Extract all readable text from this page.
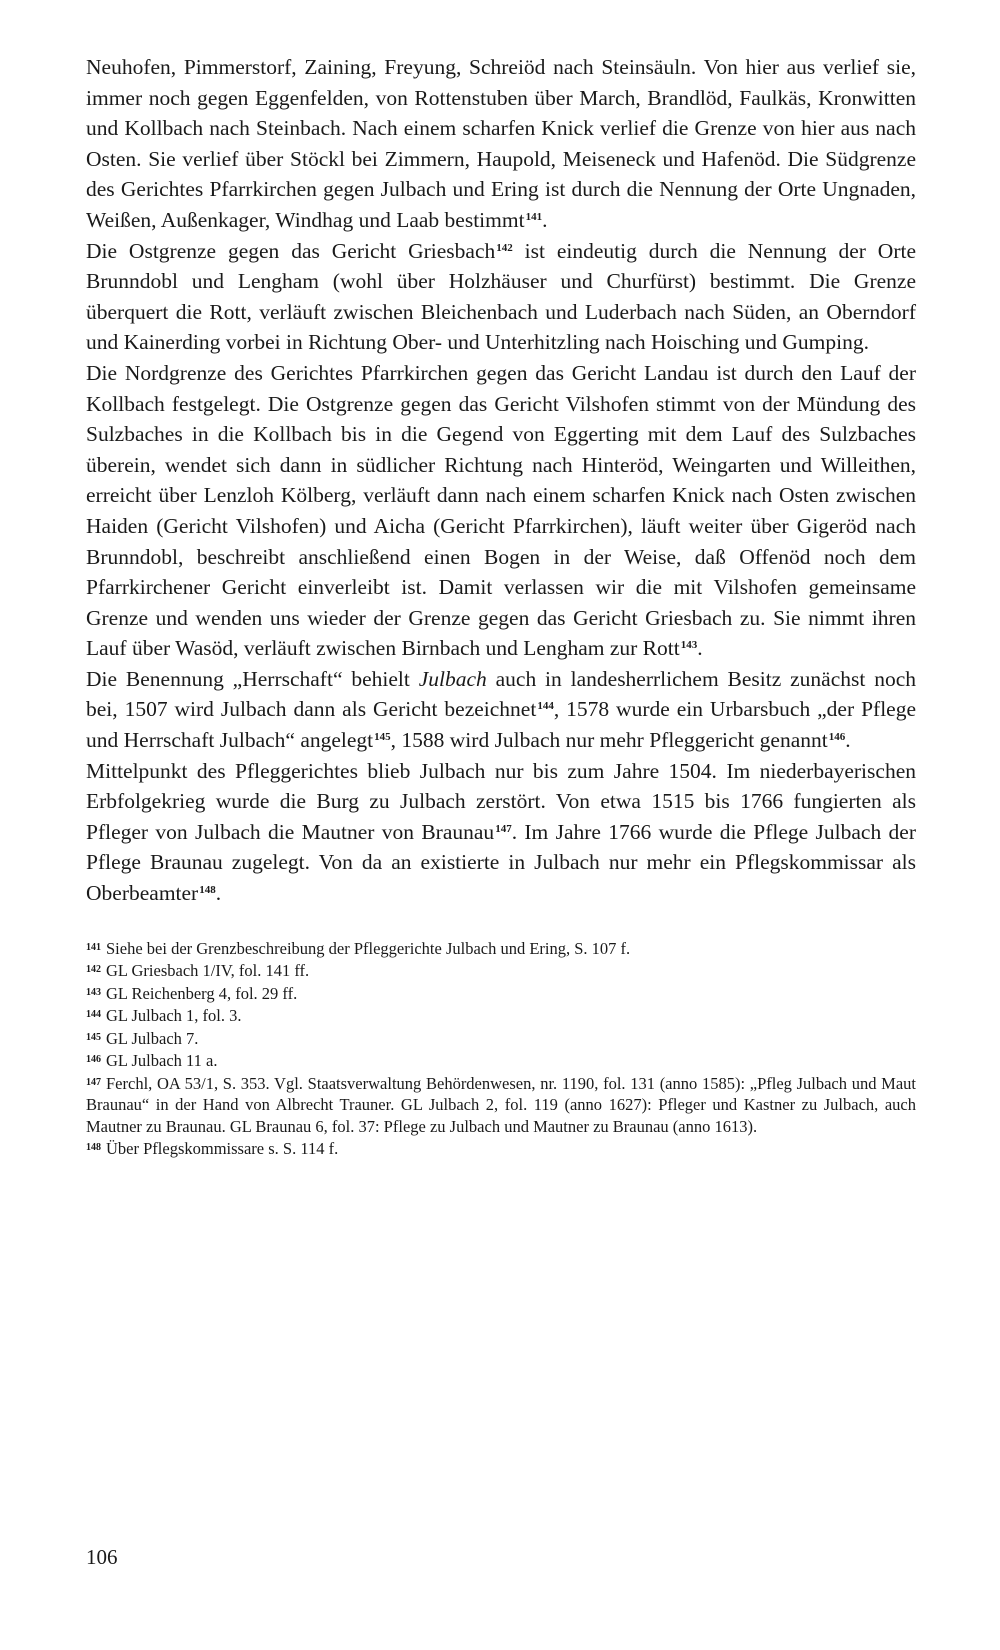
Neuhofen, Pimmerstorf, Zaining, Freyung, Schreiöd nach Steinsäuln. Von hier aus verlief sie, immer noch gegen Eggenfelden, von Rottenstuben über March, Brandlöd, Faulkäs, Kronwitten und Kollbach nach Steinbach. Nach einem scharfen Knick verlief die Grenze von hier aus nach Osten. Sie verlief über Stöckl bei Zimmern, Haupold, Meiseneck und Hafenöd. Die Südgrenze des Gerichtes Pfarrkirchen gegen Julbach und Ering ist durch die Nennung der Orte Ungnaden, Weißen, Außenkager, Windhag und Laab bestimmt$^{141}$.

Die Ostgrenze gegen das Gericht Griesbach$^{142}$ ist eindeutig durch die Nennung der Orte Brunndobl und Lengham (wohl über Holzhäuser und Churfürst) bestimmt. Die Grenze überquert die Rott, verläuft zwischen Bleichenbach und Luderbach nach Süden, an Oberndorf und Kainerding vorbei in Richtung Ober- und Unterhitzling nach Hoisching und Gumping.

Die Nordgrenze des Gerichtes Pfarrkirchen gegen das Gericht Landau ist durch den Lauf der Kollbach festgelegt. Die Ostgrenze gegen das Gericht Vilshofen stimmt von der Mündung des Sulzbaches in die Kollbach bis in die Gegend von Eggerting mit dem Lauf des Sulzbaches überein, wendet sich dann in südlicher Richtung nach Hinteröd, Weingarten und Willeithen, erreicht über Lenzloh Kölberg, verläuft dann nach einem scharfen Knick nach Osten zwischen Haiden (Gericht Vilshofen) und Aicha (Gericht Pfarrkirchen), läuft weiter über Gigeröd nach Brunndobl, beschreibt anschließend einen Bogen in der Weise, daß Offenöd noch dem Pfarrkirchener Gericht einverleibt ist. Damit verlassen wir die mit Vilshofen gemeinsame Grenze und wenden uns wieder der Grenze gegen das Gericht Griesbach zu. Sie nimmt ihren Lauf über Wasöd, verläuft zwischen Birnbach und Lengham zur Rott$^{143}$.

Die Benennung „Herrschaft“ behielt Julbach auch in landesherrlichem Besitz zunächst noch bei, 1507 wird Julbach dann als Gericht bezeichnet$^{144}$, 1578 wurde ein Urbarsbuch „der Pflege und Herrschaft Julbach“ angelegt$^{145}$, 1588 wird Julbach nur mehr Pfleggericht genannt$^{146}$.

Mittelpunkt des Pfleggerichtes blieb Julbach nur bis zum Jahre 1504. Im niederbayerischen Erbfolgekrieg wurde die Burg zu Julbach zerstört. Von etwa 1515 bis 1766 fungierten als Pfleger von Julbach die Mautner von Braunau$^{147}$. Im Jahre 1766 wurde die Pflege Julbach der Pflege Braunau zugelegt. Von da an existierte in Julbach nur mehr ein Pflegskommissar als Oberbeamter$^{148}$.

$^{141}$ Siehe bei der Grenzbeschreibung der Pfleggerichte Julbach und Ering, S. 107 f.

$^{142}$ GL Griesbach 1/IV, fol. 141 ff.

$^{143}$ GL Reichenberg 4, fol. 29 ff.

$^{144}$ GL Julbach 1, fol. 3.

$^{145}$ GL Julbach 7.

$^{146}$ GL Julbach 11 a.

$^{147}$ Ferchl, OA 53/1, S. 353. Vgl. Staatsverwaltung Behördenwesen, nr. 1190, fol. 131 (anno 1585): „Pfleg Julbach und Maut Braunau“ in der Hand von Albrecht Trauner. GL Julbach 2, fol. 119 (anno 1627): Pfleger und Kastner zu Julbach, auch Mautner zu Braunau. GL Braunau 6, fol. 37: Pflege zu Julbach und Mautner zu Braunau (anno 1613).

$^{148}$ Über Pflegskommissare s. S. 114 f.

106
